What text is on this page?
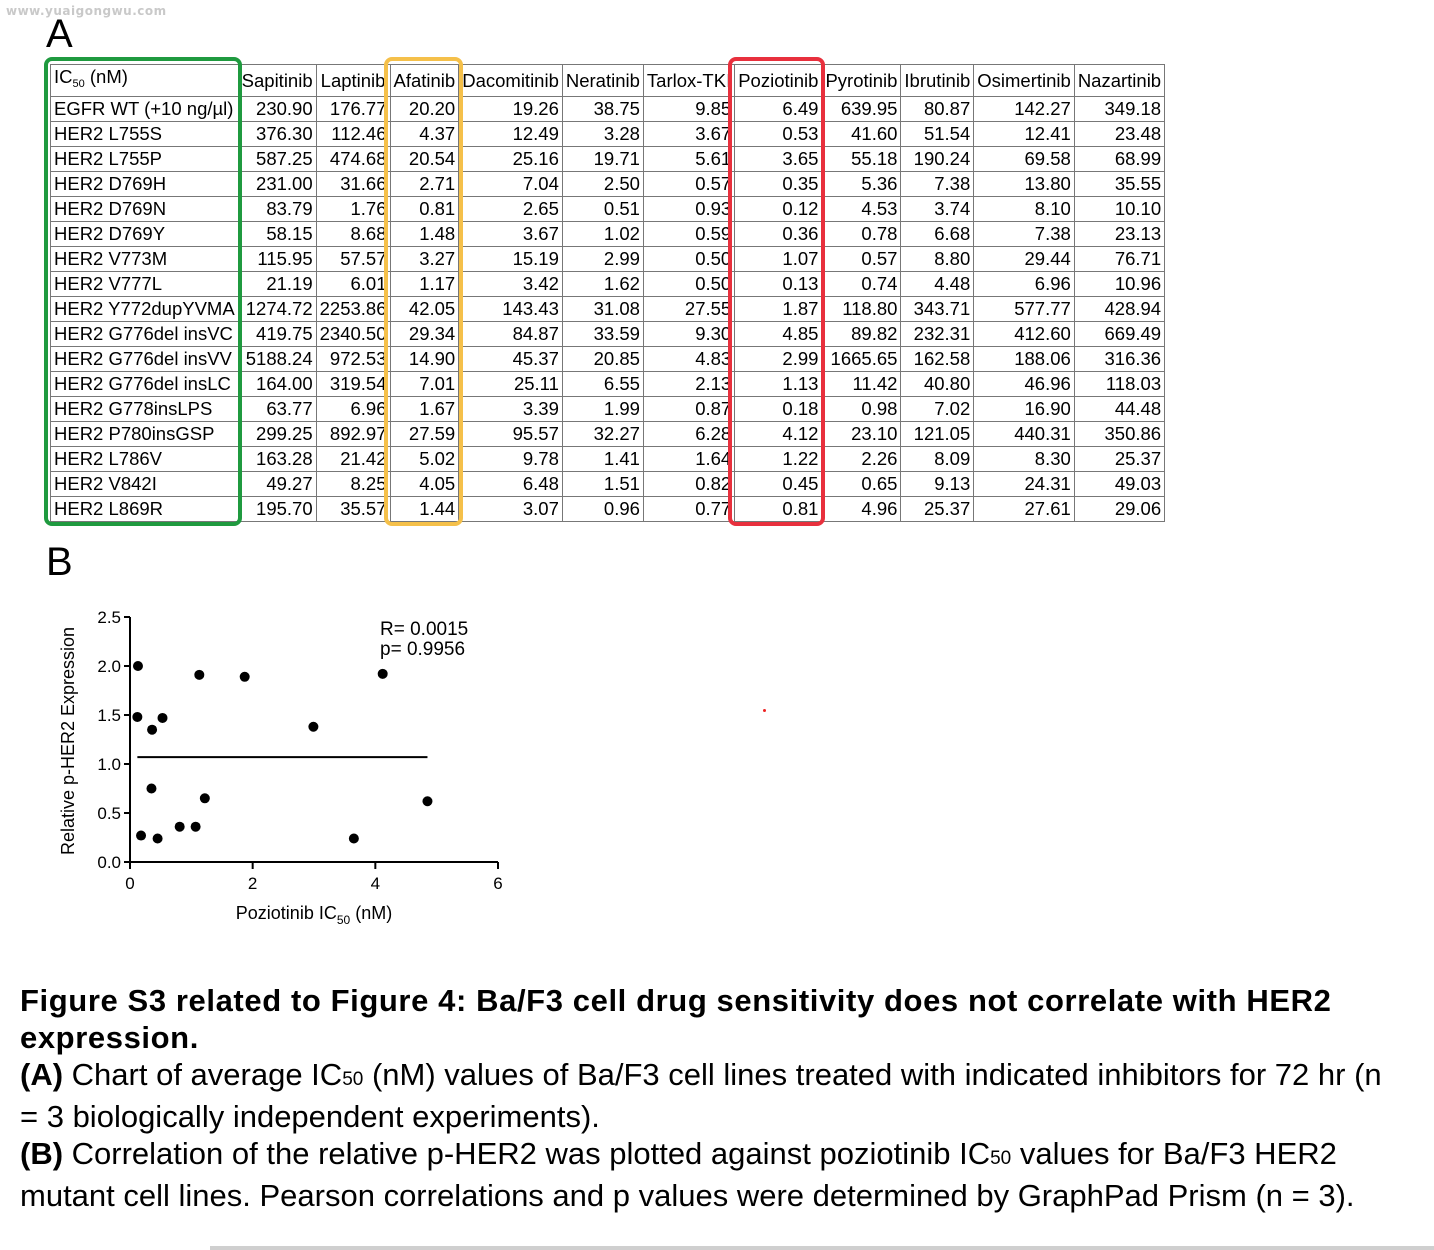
www.yuaigongwu.com
A
$IC_{50}$ (nM)	Sapitinib	Laptinib	Afatinib	Dacomitinib	Neratinib	Tarlox-TKI	Poziotinib	Pyrotinib	Ibrutinib	Osimertinib	Nazartinib
EGFR WT (+10 ng/µl)	230.90	176.77	20.20	19.26	38.75	9.85	6.49	639.95	80.87	142.27	349.18
HER2 L755S	376.30	112.46	4.37	12.49	3.28	3.67	0.53	41.60	51.54	12.41	23.48
HER2 L755P	587.25	474.68	20.54	25.16	19.71	5.61	3.65	55.18	190.24	69.58	68.99
HER2 D769H	231.00	31.66	2.71	7.04	2.50	0.57	0.35	5.36	7.38	13.80	35.55
HER2 D769N	83.79	1.76	0.81	2.65	0.51	0.93	0.12	4.53	3.74	8.10	10.10
HER2 D769Y	58.15	8.68	1.48	3.67	1.02	0.59	0.36	0.78	6.68	7.38	23.13
HER2 V773M	115.95	57.57	3.27	15.19	2.99	0.50	1.07	0.57	8.80	29.44	76.71
HER2 V777L	21.19	6.01	1.17	3.42	1.62	0.50	0.13	0.74	4.48	6.96	10.96
HER2 Y772dupYVMA	1274.72	2253.86	42.05	143.43	31.08	27.55	1.87	118.80	343.71	577.77	428.94
HER2 G776del insVC	419.75	2340.50	29.34	84.87	33.59	9.30	4.85	89.82	232.31	412.60	669.49
HER2 G776del insVV	5188.24	972.53	14.90	45.37	20.85	4.83	2.99	1665.65	162.58	188.06	316.36
HER2 G776del insLC	164.00	319.54	7.01	25.11	6.55	2.13	1.13	11.42	40.80	46.96	118.03
HER2 G778insLPS	63.77	6.96	1.67	3.39	1.99	0.87	0.18	0.98	7.02	16.90	44.48
HER2 P780insGSP	299.25	892.97	27.59	95.57	32.27	6.28	4.12	23.10	121.05	440.31	350.86
HER2 L786V	163.28	21.42	5.02	9.78	1.41	1.64	1.22	2.26	8.09	8.30	25.37
HER2 V842I	49.27	8.25	4.05	6.48	1.51	0.82	0.45	0.65	9.13	24.31	49.03
HER2 L869R	195.70	35.57	1.44	3.07	0.96	0.77	0.81	4.96	25.37	27.61	29.06
B
0.0
0.5
1.0
1.5
2.0
2.5
0	2	4	6
R= 0.0015
p= 0.9956
Poziotinib $IC_{50}$ (nM)
Relative p-HER2 Expression

Figure S3 related to Figure 4: Ba/F3 cell drug sensitivity does not correlate with HER2 expression.

(A) Chart of average IC50 (nM) values of Ba/F3 cell lines treated with indicated inhibitors for 72 hr (n = 3 biologically independent experiments).

(B) Correlation of the relative p-HER2 was plotted against poziotinib IC50 values for Ba/F3 HER2 mutant cell lines. Pearson correlations and p values were determined by GraphPad Prism (n = 3).
